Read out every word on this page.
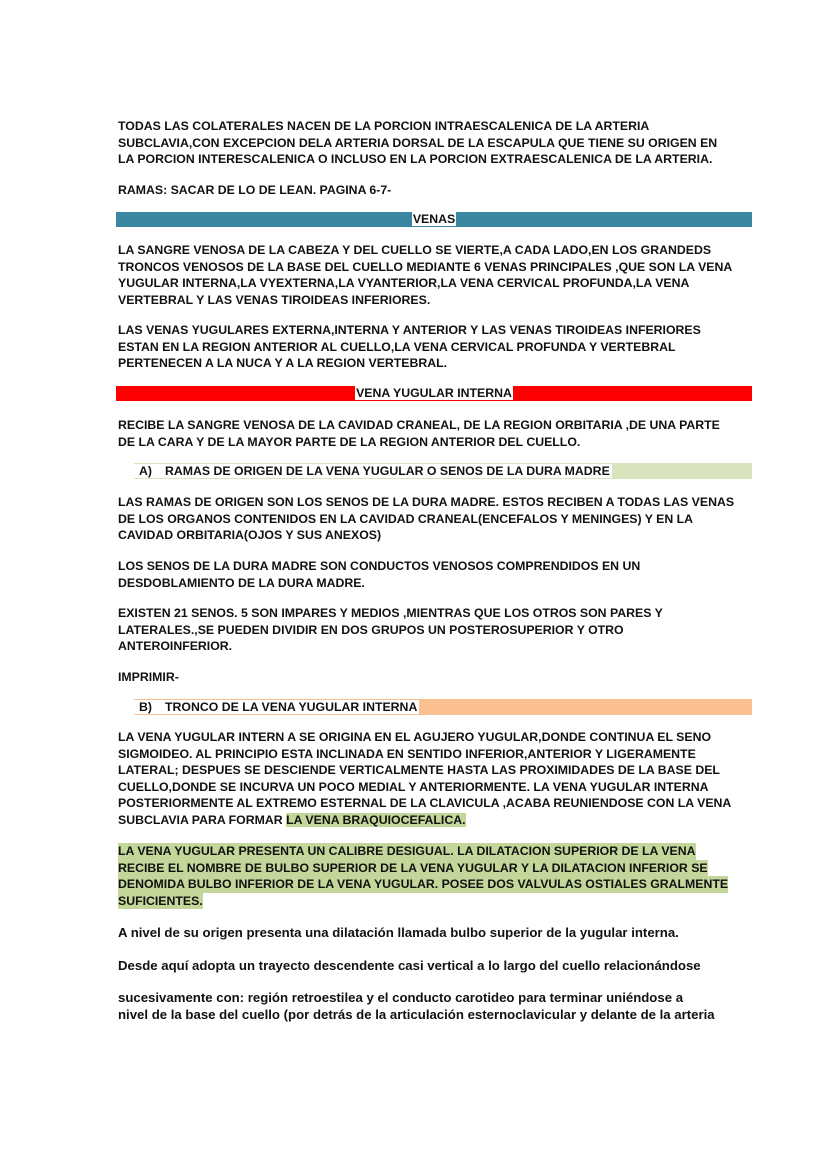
TODAS LAS COLATERALES NACEN DE LA PORCION INTRAESCALENICA DE LA ARTERIA
SUBCLAVIA,CON EXCEPCION DELA ARTERIA DORSAL DE LA ESCAPULA QUE TIENE SU ORIGEN EN
LA PORCION INTERESCALENICA O INCLUSO EN LA PORCION EXTRAESCALENICA DE LA ARTERIA.
RAMAS: SACAR DE LO DE LEAN. PAGINA 6-7-
VENAS
LA SANGRE VENOSA DE LA CABEZA Y DEL CUELLO SE VIERTE,A CADA LADO,EN LOS GRANDEDS
TRONCOS VENOSOS DE LA BASE DEL CUELLO MEDIANTE 6 VENAS PRINCIPALES ,QUE SON LA VENA
YUGULAR INTERNA,LA VYEXTERNA,LA VYANTERIOR,LA VENA CERVICAL PROFUNDA,LA VENA
VERTEBRAL Y LAS VENAS TIROIDEAS INFERIORES.
LAS VENAS YUGULARES EXTERNA,INTERNA Y ANTERIOR Y LAS VENAS TIROIDEAS INFERIORES
ESTAN EN LA REGION ANTERIOR AL CUELLO,LA VENA CERVICAL PROFUNDA Y VERTEBRAL
PERTENECEN A LA NUCA Y A LA REGION VERTEBRAL.
VENA YUGULAR INTERNA
RECIBE LA SANGRE VENOSA DE LA CAVIDAD CRANEAL, DE LA REGION ORBITARIA ,DE UNA PARTE
DE LA CARA Y DE LA MAYOR PARTE DE LA REGION ANTERIOR DEL CUELLO.
A) RAMAS DE ORIGEN DE LA VENA YUGULAR O SENOS DE LA DURA MADRE
LAS RAMAS DE ORIGEN SON LOS SENOS DE LA DURA MADRE. ESTOS RECIBEN A TODAS LAS VENAS
DE LOS ORGANOS CONTENIDOS EN LA CAVIDAD CRANEAL(ENCEFALOS Y MENINGES) Y EN LA
CAVIDAD ORBITARIA(OJOS Y SUS ANEXOS)
LOS SENOS DE LA DURA MADRE SON CONDUCTOS VENOSOS COMPRENDIDOS EN UN
DESDOBLAMIENTO DE LA DURA MADRE.
EXISTEN 21 SENOS. 5 SON IMPARES Y MEDIOS ,MIENTRAS QUE LOS OTROS SON PARES Y
LATERALES.,SE PUEDEN DIVIDIR EN DOS GRUPOS UN POSTEROSUPERIOR Y OTRO
ANTEROINFERIOR.
IMPRIMIR-
B) TRONCO DE LA VENA YUGULAR INTERNA
LA VENA YUGULAR INTERN A SE ORIGINA EN EL AGUJERO YUGULAR,DONDE CONTINUA EL SENO
SIGMOIDEO. AL PRINCIPIO ESTA INCLINADA EN SENTIDO INFERIOR,ANTERIOR Y LIGERAMENTE
LATERAL; DESPUES SE DESCIENDE VERTICALMENTE HASTA LAS PROXIMIDADES DE LA BASE DEL
CUELLO,DONDE SE INCURVA UN POCO MEDIAL Y ANTERIORMENTE. LA VENA YUGULAR INTERNA
POSTERIORMENTE AL EXTREMO ESTERNAL DE LA CLAVICULA ,ACABA REUNIENDOSE CON LA VENA
SUBCLAVIA PARA FORMAR LA VENA BRAQUIOCEFALICA.
LA VENA YUGULAR PRESENTA UN CALIBRE DESIGUAL. LA DILATACION SUPERIOR DE LA VENA
RECIBE EL NOMBRE DE BULBO SUPERIOR DE LA VENA YUGULAR Y LA DILATACION INFERIOR SE
DENOMIDA BULBO INFERIOR DE LA VENA YUGULAR. POSEE DOS VALVULAS OSTIALES GRALMENTE
SUFICIENTES.
A nivel de su origen presenta una dilatación llamada bulbo superior de la yugular interna.
Desde aquí adopta un trayecto descendente casi vertical a lo largo del cuello relacionándose
sucesivamente con: región retroestilea y el conducto carotideo para terminar uniéndose a
nivel de la base del cuello (por detrás de la articulación esternoclavicular y delante de la arteria
